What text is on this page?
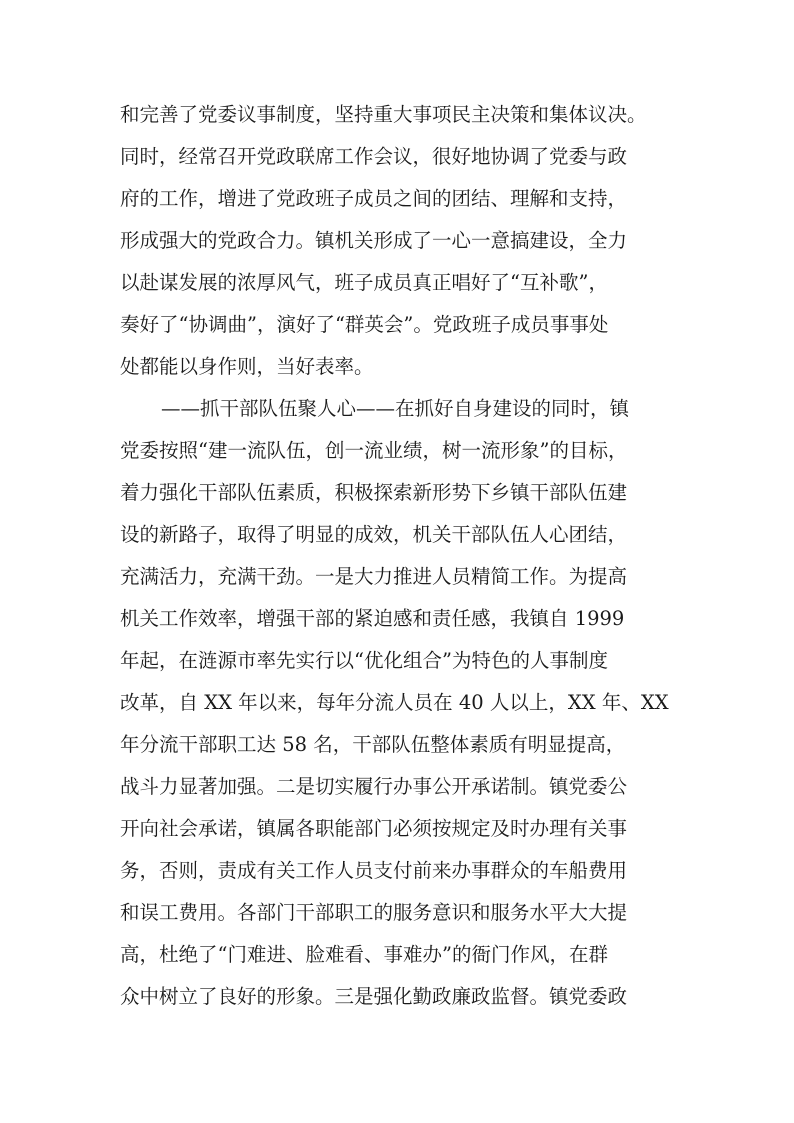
和完善了党委议事制度，坚持重大事项民主决策和集体议决。
同时，经常召开党政联席工作会议，很好地协调了党委与政
府的工作，增进了党政班子成员之间的团结、理解和支持，
形成强大的党政合力。镇机关形成了一心一意搞建设，全力
以赴谋发展的浓厚风气，班子成员真正唱好了“互补歌”，
奏好了“协调曲”，演好了“群英会”。党政班子成员事事处
处都能以身作则，当好表率。
——抓干部队伍聚人心——在抓好自身建设的同时，镇
党委按照“建一流队伍，创一流业绩，树一流形象”的目标，
着力强化干部队伍素质，积极探索新形势下乡镇干部队伍建
设的新路子，取得了明显的成效，机关干部队伍人心团结，
充满活力，充满干劲。一是大力推进人员精简工作。为提高
机关工作效率，增强干部的紧迫感和责任感，我镇自 1999
年起，在涟源市率先实行以“优化组合”为特色的人事制度
改革，自 XX 年以来，每年分流人员在 40 人以上，XX 年、XX
年分流干部职工达 58 名，干部队伍整体素质有明显提高，
战斗力显著加强。二是切实履行办事公开承诺制。镇党委公
开向社会承诺，镇属各职能部门必须按规定及时办理有关事
务，否则，责成有关工作人员支付前来办事群众的车船费用
和误工费用。各部门干部职工的服务意识和服务水平大大提
高，杜绝了“门难进、脸难看、事难办”的衙门作风，在群
众中树立了良好的形象。三是强化勤政廉政监督。镇党委政
